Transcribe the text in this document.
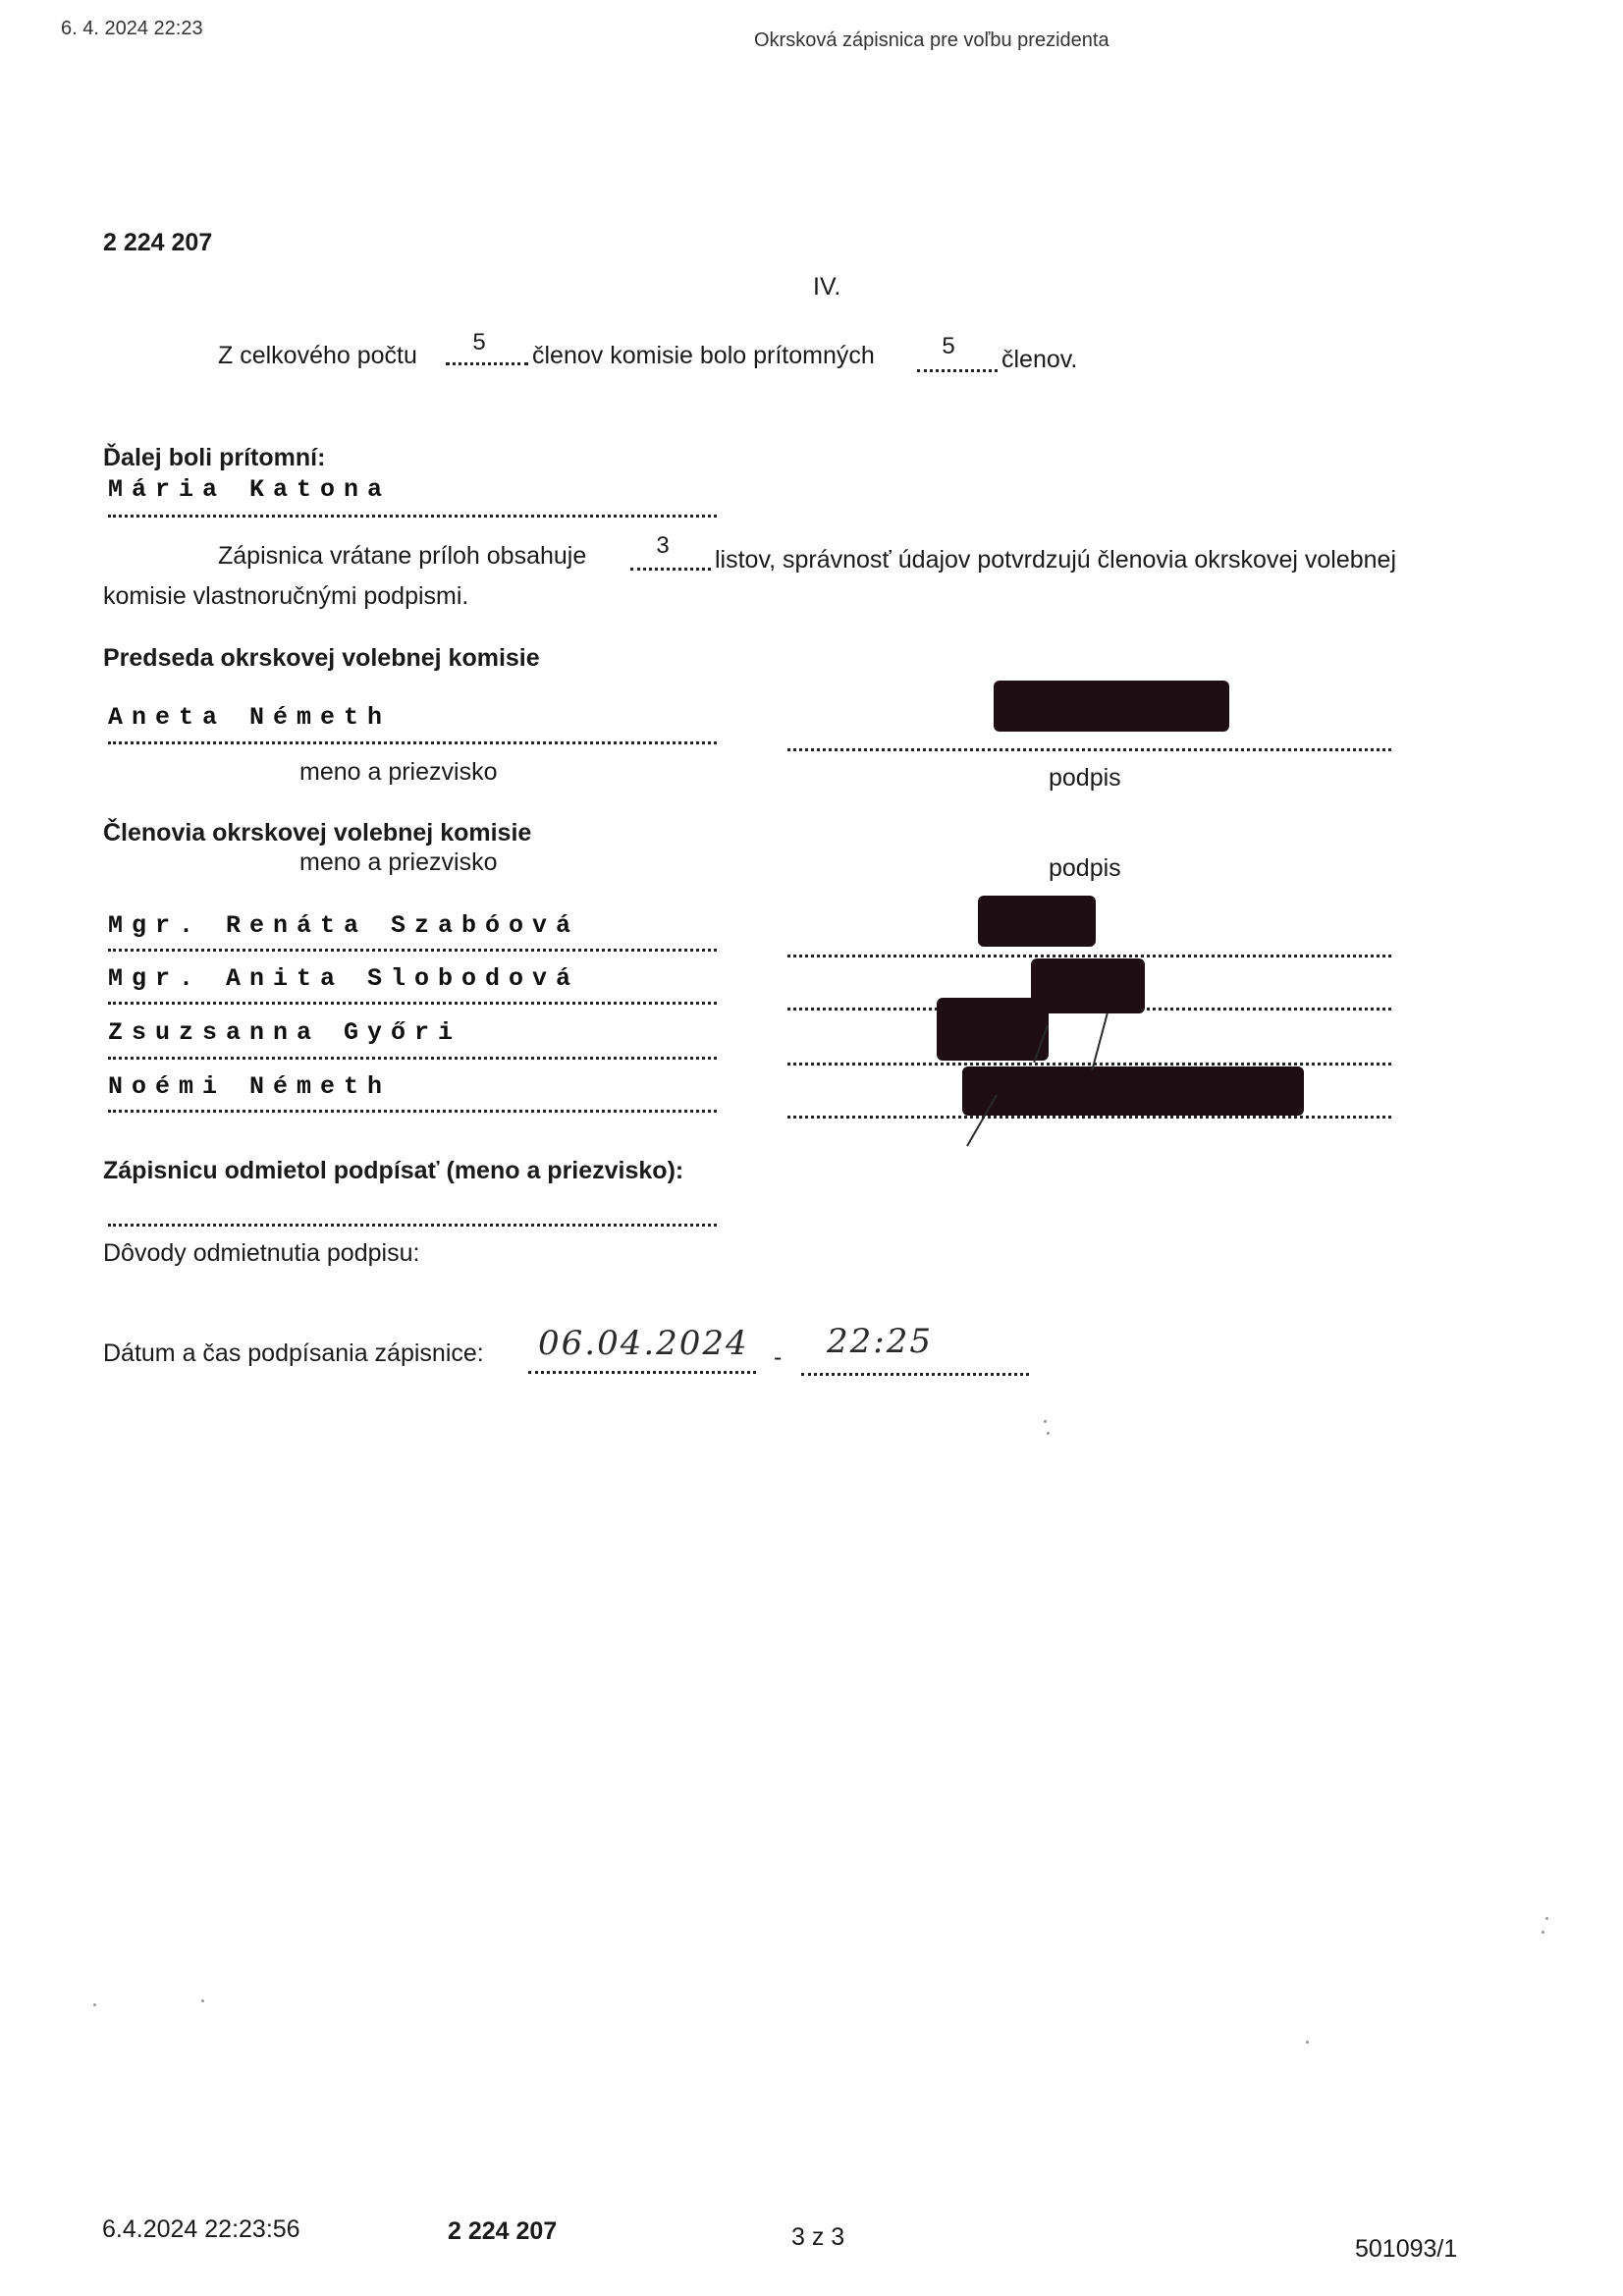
6. 4. 2024 22:23
Okrsková zápisnica pre voľbu prezidenta
2 224 207
IV.
Z celkového počtu	5	členov komisie bolo prítomných	5	členov.
Ďalej boli prítomní:
Mária Katona
Zápisnica vrátane príloh obsahuje	3
listov, správnosť údajov potvrdzujú členovia okrskovej volebnej
komisie vlastnoručnými podpismi.
Predseda okrskovej volebnej komisie
Aneta Németh
meno a priezvisko	podpis
Členovia okrskovej volebnej komisie
meno a priezvisko	podpis
Mgr. Renáta Szabóová
Mgr. Anita Slobodová
Zsuzsanna Győri
Noémi Németh
Zápisnicu odmietol podpísať (meno a priezvisko):
Dôvody odmietnutia podpisu:
Dátum a čas podpísania zápisnice: 06.04.2024 - 22:25
6.4.2024 22:23:56	2 224 207	3 z 3	501093/1
